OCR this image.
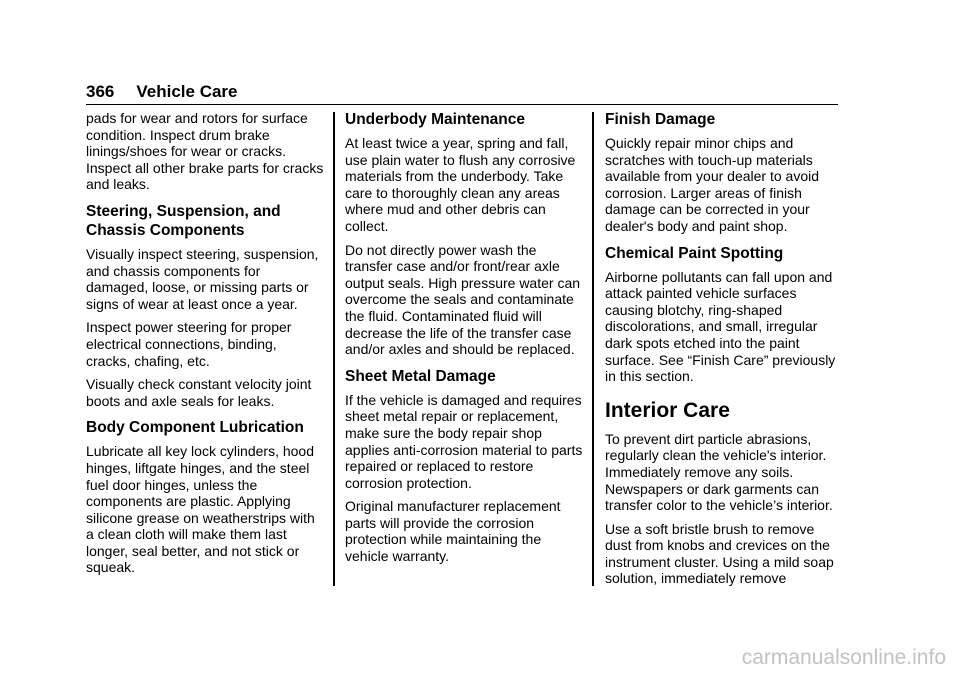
366 Vehicle Care

pads for wear and rotors for surface condition. Inspect drum brake linings/shoes for wear or cracks. Inspect all other brake parts for cracks and leaks.

Steering, Suspension, and Chassis Components

Visually inspect steering, suspension, and chassis components for damaged, loose, or missing parts or signs of wear at least once a year.

Inspect power steering for proper electrical connections, binding, cracks, chafing, etc.

Visually check constant velocity joint boots and axle seals for leaks.

Body Component Lubrication

Lubricate all key lock cylinders, hood hinges, liftgate hinges, and the steel fuel door hinges, unless the components are plastic. Applying silicone grease on weatherstrips with a clean cloth will make them last longer, seal better, and not stick or squeak.

Underbody Maintenance

At least twice a year, spring and fall, use plain water to flush any corrosive materials from the underbody. Take care to thoroughly clean any areas where mud and other debris can collect.

Do not directly power wash the transfer case and/or front/rear axle output seals. High pressure water can overcome the seals and contaminate the fluid. Contaminated fluid will decrease the life of the transfer case and/or axles and should be replaced.

Sheet Metal Damage

If the vehicle is damaged and requires sheet metal repair or replacement, make sure the body repair shop applies anti-corrosion material to parts repaired or replaced to restore corrosion protection.

Original manufacturer replacement parts will provide the corrosion protection while maintaining the vehicle warranty.

Finish Damage

Quickly repair minor chips and scratches with touch-up materials available from your dealer to avoid corrosion. Larger areas of finish damage can be corrected in your dealer's body and paint shop.

Chemical Paint Spotting

Airborne pollutants can fall upon and attack painted vehicle surfaces causing blotchy, ring-shaped discolorations, and small, irregular dark spots etched into the paint surface. See “Finish Care” previously in this section.

Interior Care

To prevent dirt particle abrasions, regularly clean the vehicle's interior. Immediately remove any soils. Newspapers or dark garments can transfer color to the vehicle’s interior.

Use a soft bristle brush to remove dust from knobs and crevices on the instrument cluster. Using a mild soap solution, immediately remove

carmanualsonline.info
